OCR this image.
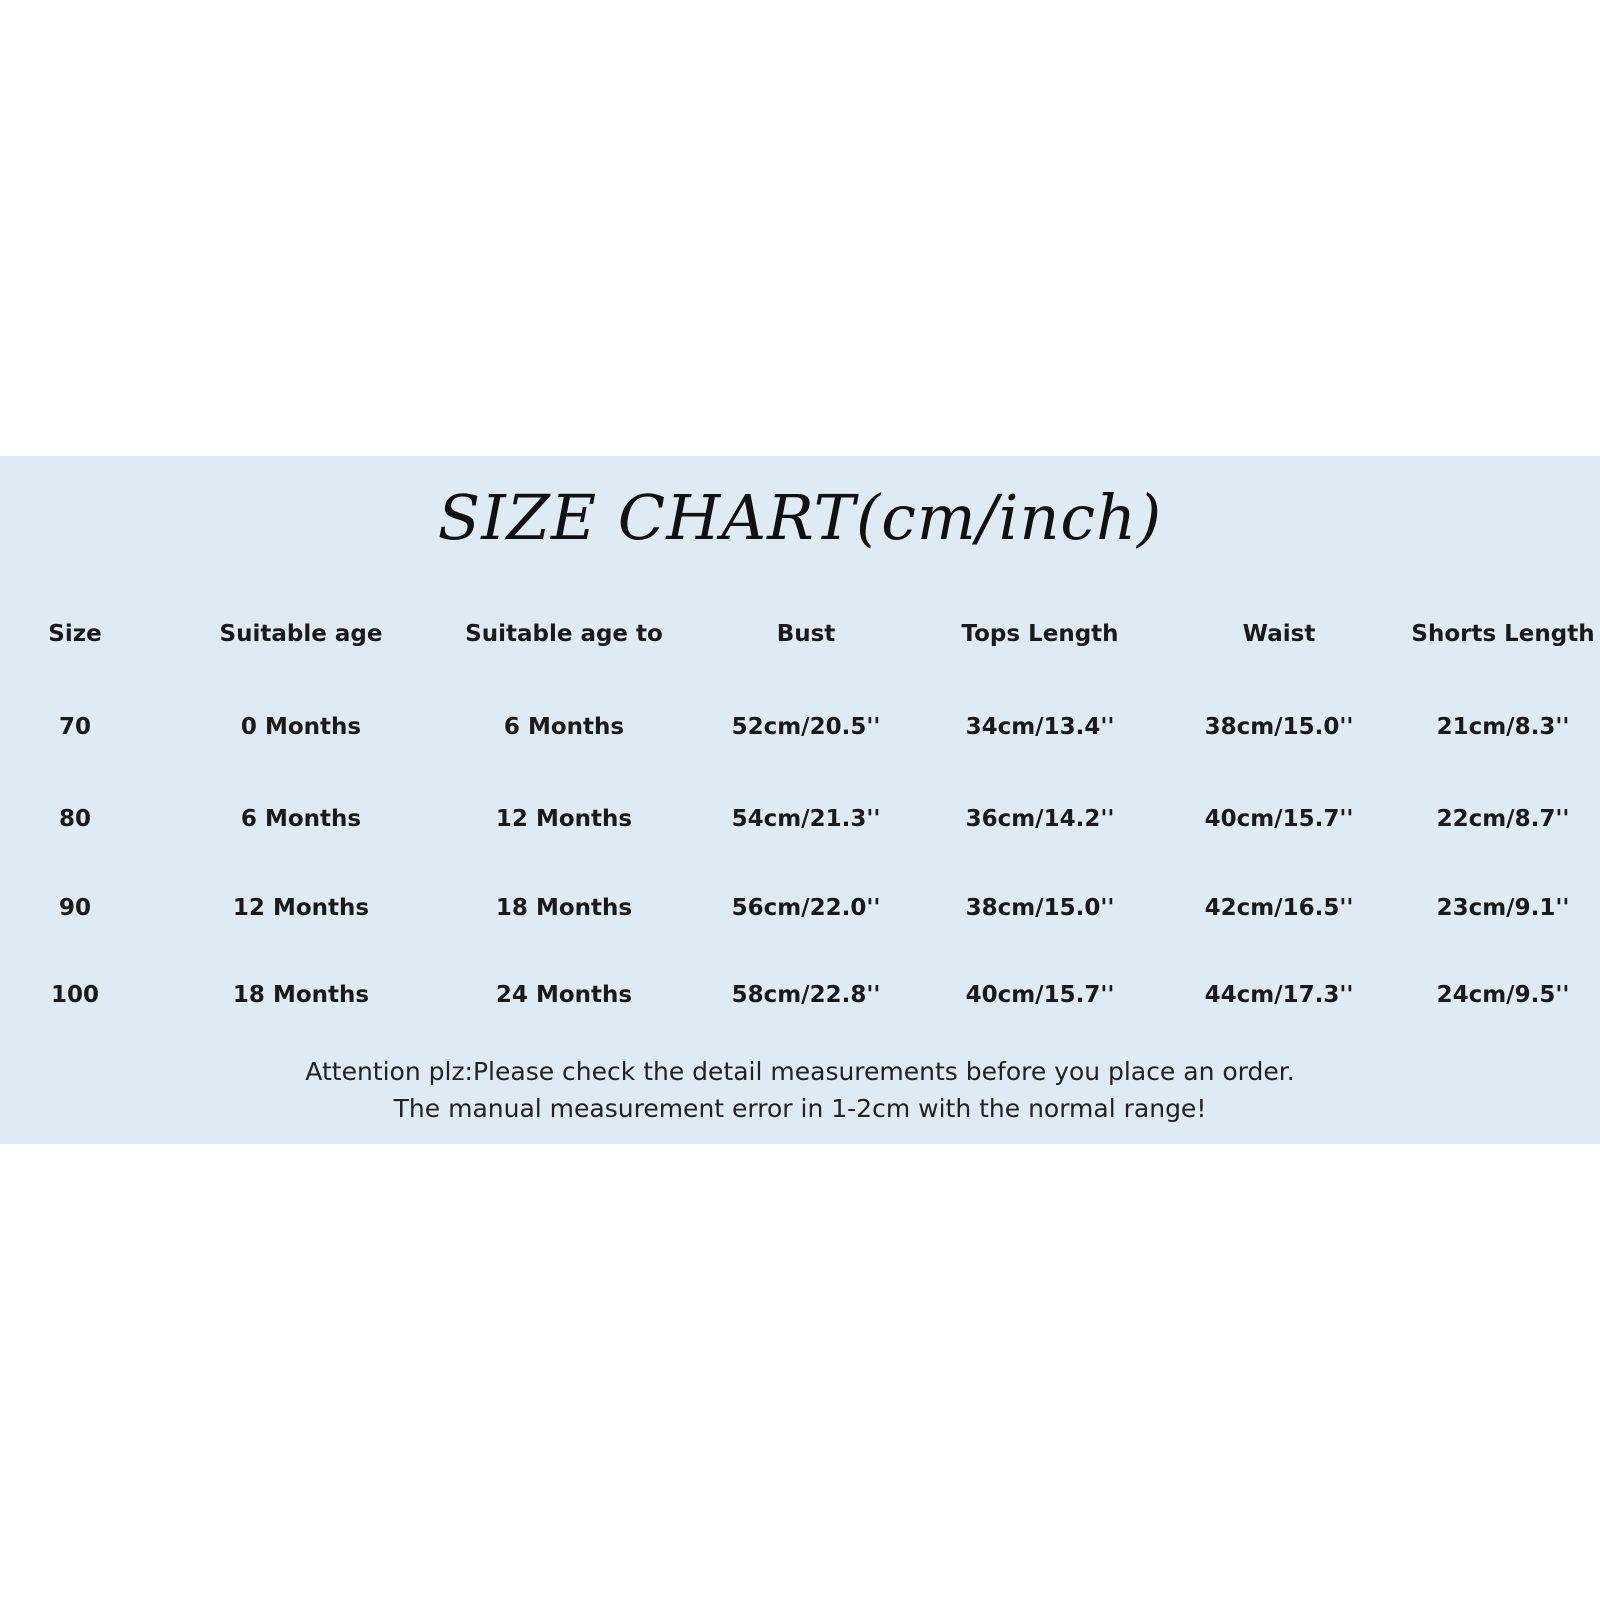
SIZE CHART(cm/inch)
Size	Suitable age	Suitable age to	Bust	Tops Length	Waist	Shorts Length
70	0 Months	6 Months	52cm/20.5''	34cm/13.4''	38cm/15.0''	21cm/8.3''
80	6 Months	12 Months	54cm/21.3''	36cm/14.2''	40cm/15.7''	22cm/8.7''
90	12 Months	18 Months	56cm/22.0''	38cm/15.0''	42cm/16.5''	23cm/9.1''
100	18 Months	24 Months	58cm/22.8''	40cm/15.7''	44cm/17.3''	24cm/9.5''
Attention plz:Please check the detail measurements before you place an order.
The manual measurement error in 1-2cm with the normal range!
